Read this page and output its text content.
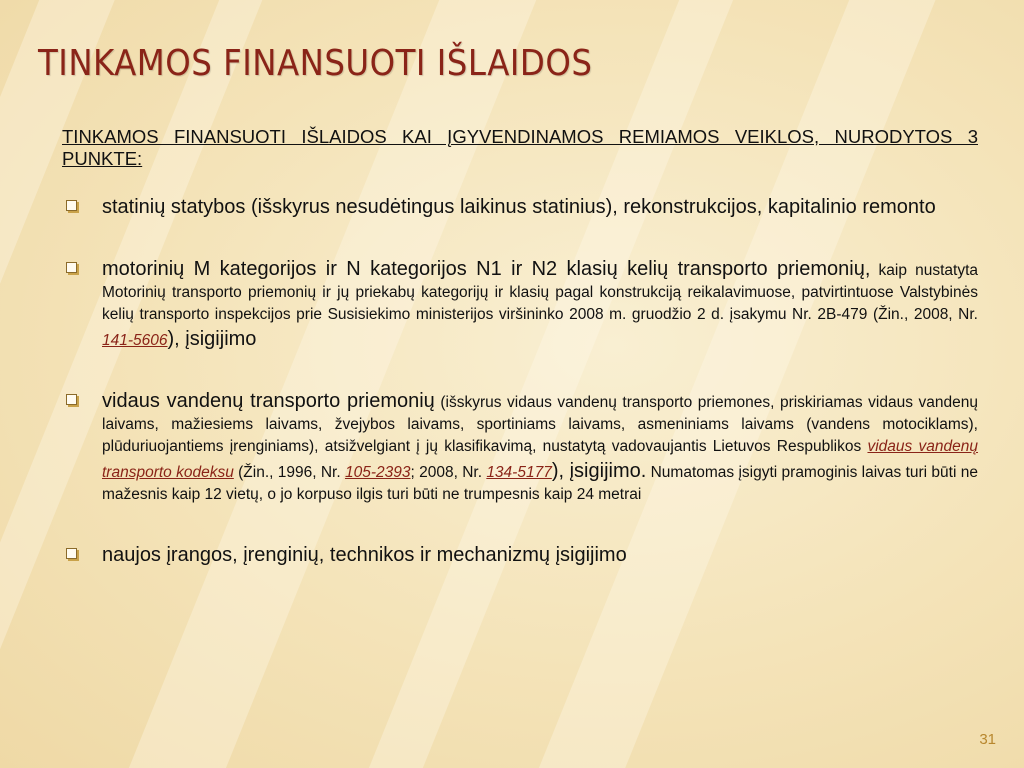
TINKAMOS FINANSUOTI IŠLAIDOS

TINKAMOS FINANSUOTI IŠLAIDOS KAI ĮGYVENDINAMOS REMIAMOS VEIKLOS, NURODYTOS 3 PUNKTE:

statinių statybos (išskyrus nesudėtingus laikinus statinius), rekonstrukcijos, kapitalinio remonto
motorinių M kategorijos ir N kategorijos N1 ir N2 klasių kelių transporto priemonių, kaip nustatyta Motorinių transporto priemonių ir jų priekabų kategorijų ir klasių pagal konstrukciją reikalavimuose, patvirtintuose Valstybinės kelių transporto inspekcijos prie Susisiekimo ministerijos viršininko 2008 m. gruodžio 2 d. įsakymu Nr. 2B-479 (Žin., 2008, Nr. 141-5606), įsigijimo
vidaus vandenų transporto priemonių (išskyrus vidaus vandenų transporto priemones, priskiriamas vidaus vandenų laivams, mažiesiems laivams, žvejybos laivams, sportiniams laivams, asmeniniams laivams (vandens motociklams), plūduriuojantiems įrenginiams), atsižvelgiant į jų klasifikavimą, nustatytą vadovaujantis Lietuvos Respublikos vidaus vandenų transporto kodeksu (Žin., 1996, Nr. 105-2393; 2008, Nr. 134-5177), įsigijimo. Numatomas įsigyti pramoginis laivas turi būti ne mažesnis kaip 12 vietų, o jo korpuso ilgis turi būti ne trumpesnis kaip 24 metrai
naujos įrangos, įrenginių, technikos ir mechanizmų įsigijimo
31
